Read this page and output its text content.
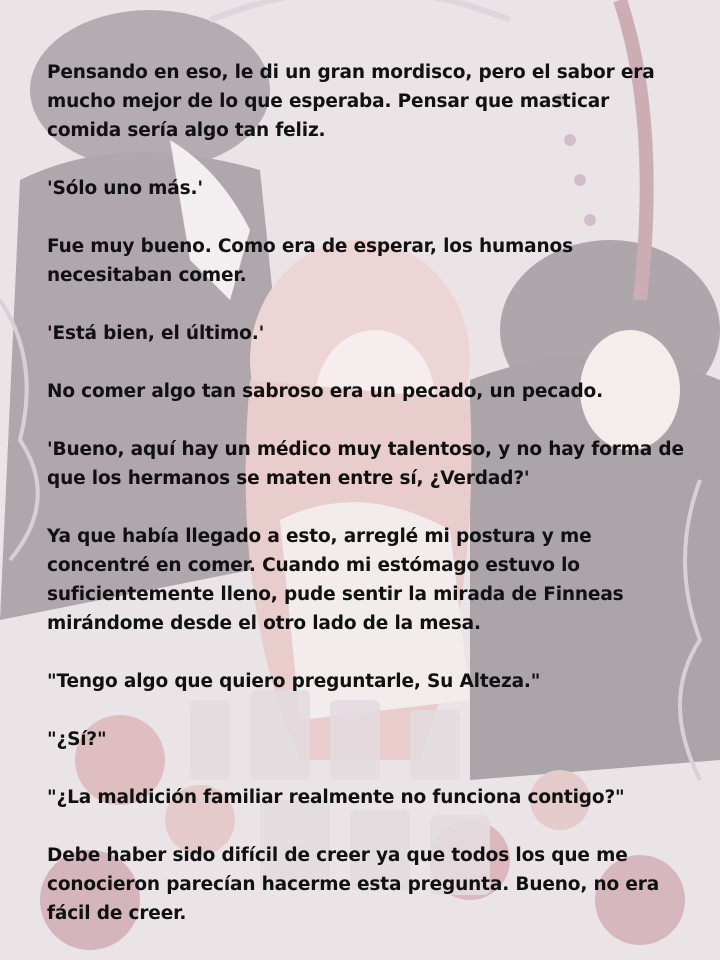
Pensando en eso, le di un gran mordisco, pero el sabor era mucho mejor de lo que esperaba. Pensar que masticar comida sería algo tan feliz.

'Sólo uno más.'

Fue muy bueno. Como era de esperar, los humanos necesitaban comer.

'Está bien, el último.'

No comer algo tan sabroso era un pecado, un pecado.

'Bueno, aquí hay un médico muy talentoso, y no hay forma de que los hermanos se maten entre sí, ¿Verdad?'

Ya que había llegado a esto, arreglé mi postura y me concentré en comer. Cuando mi estómago estuvo lo suficientemente lleno, pude sentir la mirada de Finneas mirándome desde el otro lado de la mesa.

"Tengo algo que quiero preguntarle, Su Alteza."

"¿Sí?"

"¿La maldición familiar realmente no funciona contigo?"

Debe haber sido difícil de creer ya que todos los que me conocieron parecían hacerme esta pregunta. Bueno, no era fácil de creer.
